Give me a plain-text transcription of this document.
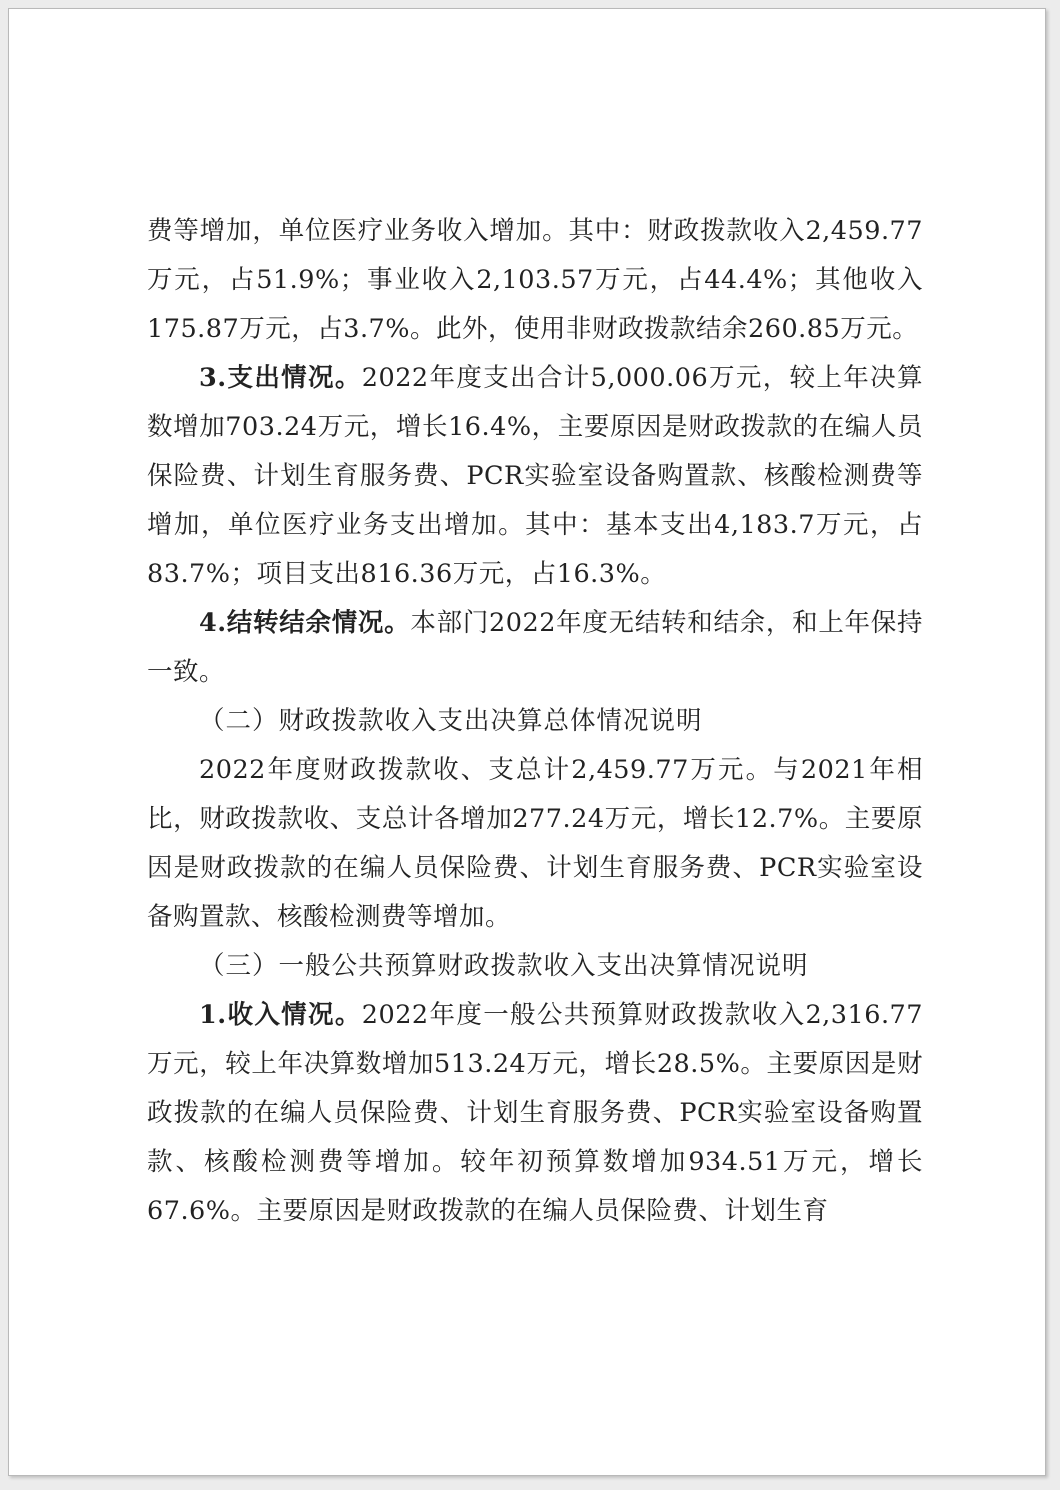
费等增加，单位医疗业务收入增加。其中：财政拨款收入2,459.77万元，占51.9%；事业收入2,103.57万元，占44.4%；其他收入175.87万元，占3.7%。此外，使用非财政拨款结余260.85万元。

3.支出情况。2022年度支出合计5,000.06万元，较上年决算数增加703.24万元，增长16.4%，主要原因是财政拨款的在编人员保险费、计划生育服务费、PCR实验室设备购置款、核酸检测费等增加，单位医疗业务支出增加。其中：基本支出4,183.7万元，占83.7%；项目支出816.36万元，占16.3%。

4.结转结余情况。本部门2022年度无结转和结余，和上年保持一致。

（二）财政拨款收入支出决算总体情况说明

2022年度财政拨款收、支总计2,459.77万元。与2021年相比，财政拨款收、支总计各增加277.24万元，增长12.7%。主要原因是财政拨款的在编人员保险费、计划生育服务费、PCR实验室设备购置款、核酸检测费等增加。

（三）一般公共预算财政拨款收入支出决算情况说明

1.收入情况。2022年度一般公共预算财政拨款收入2,316.77万元，较上年决算数增加513.24万元，增长28.5%。主要原因是财政拨款的在编人员保险费、计划生育服务费、PCR实验室设备购置款、核酸检测费等增加。较年初预算数增加934.51万元，增长67.6%。主要原因是财政拨款的在编人员保险费、计划生育
